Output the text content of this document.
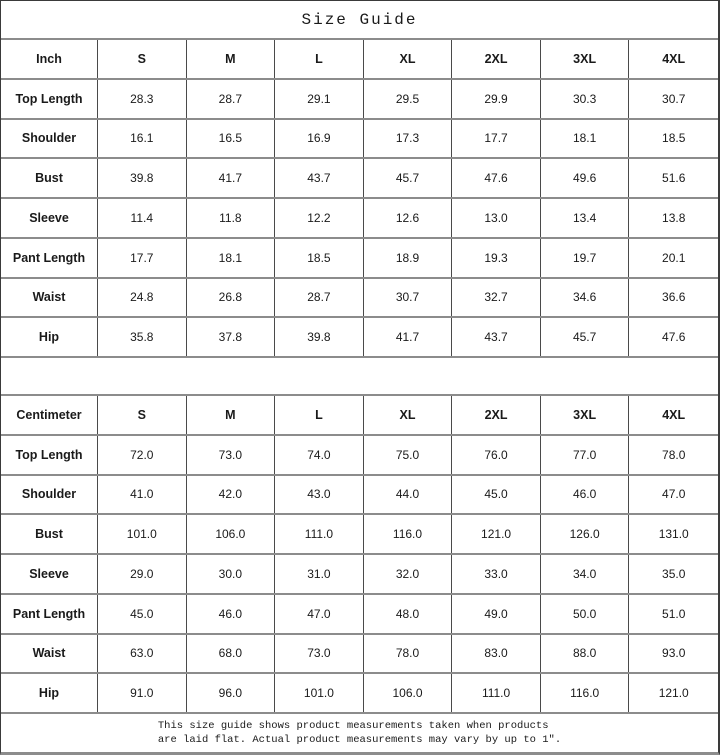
Size Guide
Inch	S	M	L	XL	2XL	3XL	4XL
Top Length	28.3	28.7	29.1	29.5	29.9	30.3	30.7
Shoulder	16.1	16.5	16.9	17.3	17.7	18.1	18.5
Bust	39.8	41.7	43.7	45.7	47.6	49.6	51.6
Sleeve	11.4	11.8	12.2	12.6	13.0	13.4	13.8
Pant Length	17.7	18.1	18.5	18.9	19.3	19.7	20.1
Waist	24.8	26.8	28.7	30.7	32.7	34.6	36.6
Hip	35.8	37.8	39.8	41.7	43.7	45.7	47.6
Centimeter	S	M	L	XL	2XL	3XL	4XL
Top Length	72.0	73.0	74.0	75.0	76.0	77.0	78.0
Shoulder	41.0	42.0	43.0	44.0	45.0	46.0	47.0
Bust	101.0	106.0	111.0	116.0	121.0	126.0	131.0
Sleeve	29.0	30.0	31.0	32.0	33.0	34.0	35.0
Pant Length	45.0	46.0	47.0	48.0	49.0	50.0	51.0
Waist	63.0	68.0	73.0	78.0	83.0	88.0	93.0
Hip	91.0	96.0	101.0	106.0	111.0	116.0	121.0
This size guide shows product measurements taken when products
are laid flat. Actual product measurements may vary by up to 1″.
